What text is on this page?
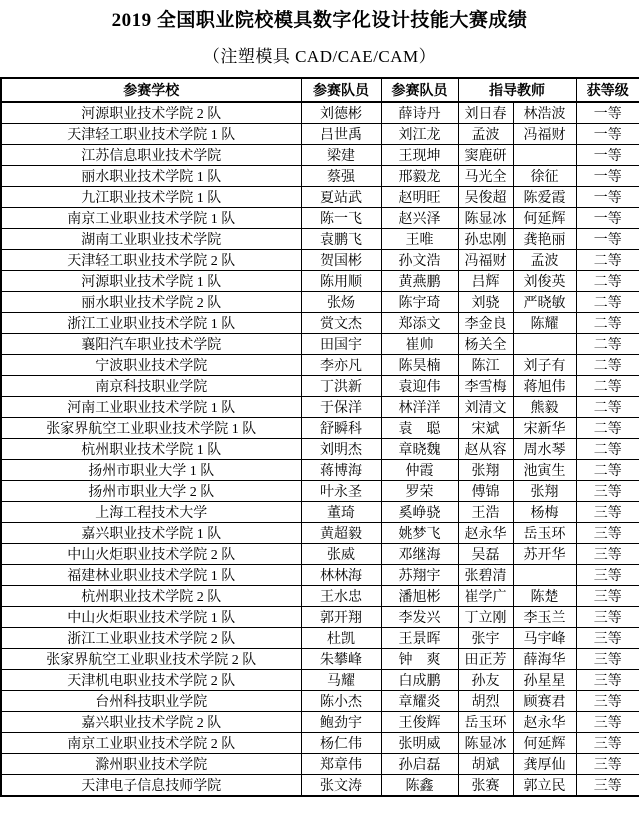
2019 全国职业院校模具数字化设计技能大赛成绩
（注塑模具 CAD/CAE/CAM）
参赛学校	参赛队员	参赛队员	指导教师		获等级
河源职业技术学院 2 队	刘德彬	薛诗丹	刘日春	林浩波	一等
天津轻工职业技术学院 1 队	吕世禹	刘江龙	孟波	冯福财	一等
江苏信息职业技术学院	梁建	王现坤	窦鹿研		一等
丽水职业技术学院 1 队	蔡强	邢毅龙	马光全	徐征	一等
九江职业技术学院 1 队	夏站武	赵明旺	吴俊超	陈爱霞	一等
南京工业职业技术学院 1 队	陈一飞	赵兴泽	陈显冰	何延辉	一等
湖南工业职业技术学院	袁鹏飞	王唯	孙忠刚	龚艳丽	一等
天津轻工职业技术学院 2 队	贺国彬	孙文浩	冯福财	孟波	二等
河源职业技术学院 1 队	陈用顺	黄燕鹏	吕辉	刘俊英	二等
丽水职业技术学院 2 队	张炀	陈宇琦	刘骁	严晓敏	二等
浙江工业职业技术学院 1 队	赏文杰	郑添文	李金良	陈耀	二等
襄阳汽车职业技术学院	田国宇	崔帅	杨关全		二等
宁波职业技术学院	李亦凡	陈昊楠	陈江	刘子有	二等
南京科技职业学院	丁洪新	袁迎伟	李雪梅	蒋旭伟	二等
河南工业职业技术学院 1 队	于保洋	林洋洋	刘清文	熊毅	二等
张家界航空工业职业技术学院 1 队	舒瞬科	袁　聪	宋斌	宋新华	二等
杭州职业技术学院 1 队	刘明杰	章晓魏	赵从容	周水琴	二等
扬州市职业大学 1 队	蒋博海	仲霞	张翔	池寅生	二等
扬州市职业大学 2 队	叶永圣	罗荣	傅锦	张翔	三等
上海工程技术大学	董琦	奚峥骁	王浩	杨梅	三等
嘉兴职业技术学院 1 队	黄超毅	姚梦飞	赵永华	岳玉环	三等
中山火炬职业技术学院 2 队	张威	邓继海	吴磊	苏开华	三等
福建林业职业技术学院 1 队	林林海	苏翔宇	张碧清		三等
杭州职业技术学院 2 队	王水忠	潘旭彬	崔学广	陈楚	三等
中山火炬职业技术学院 1 队	郭开翔	李发兴	丁立刚	李玉兰	三等
浙江工业职业技术学院 2 队	杜凯	王景晖	张宇	马宇峰	三等
张家界航空工业职业技术学院 2 队	朱攀峰	钟　爽	田正芳	薛海华	三等
天津机电职业技术学院 2 队	马耀	白成鹏	孙友	孙星星	三等
台州科技职业学院	陈小杰	章耀炎	胡烈	顾赛君	三等
嘉兴职业技术学院 2 队	鲍劲宇	王俊辉	岳玉环	赵永华	三等
南京工业职业技术学院 2 队	杨仁伟	张明威	陈显冰	何延辉	三等
滁州职业技术学院	郑章伟	孙启磊	胡斌	龚厚仙	三等
天津电子信息技师学院	张文涛	陈鑫	张赛	郭立民	三等
